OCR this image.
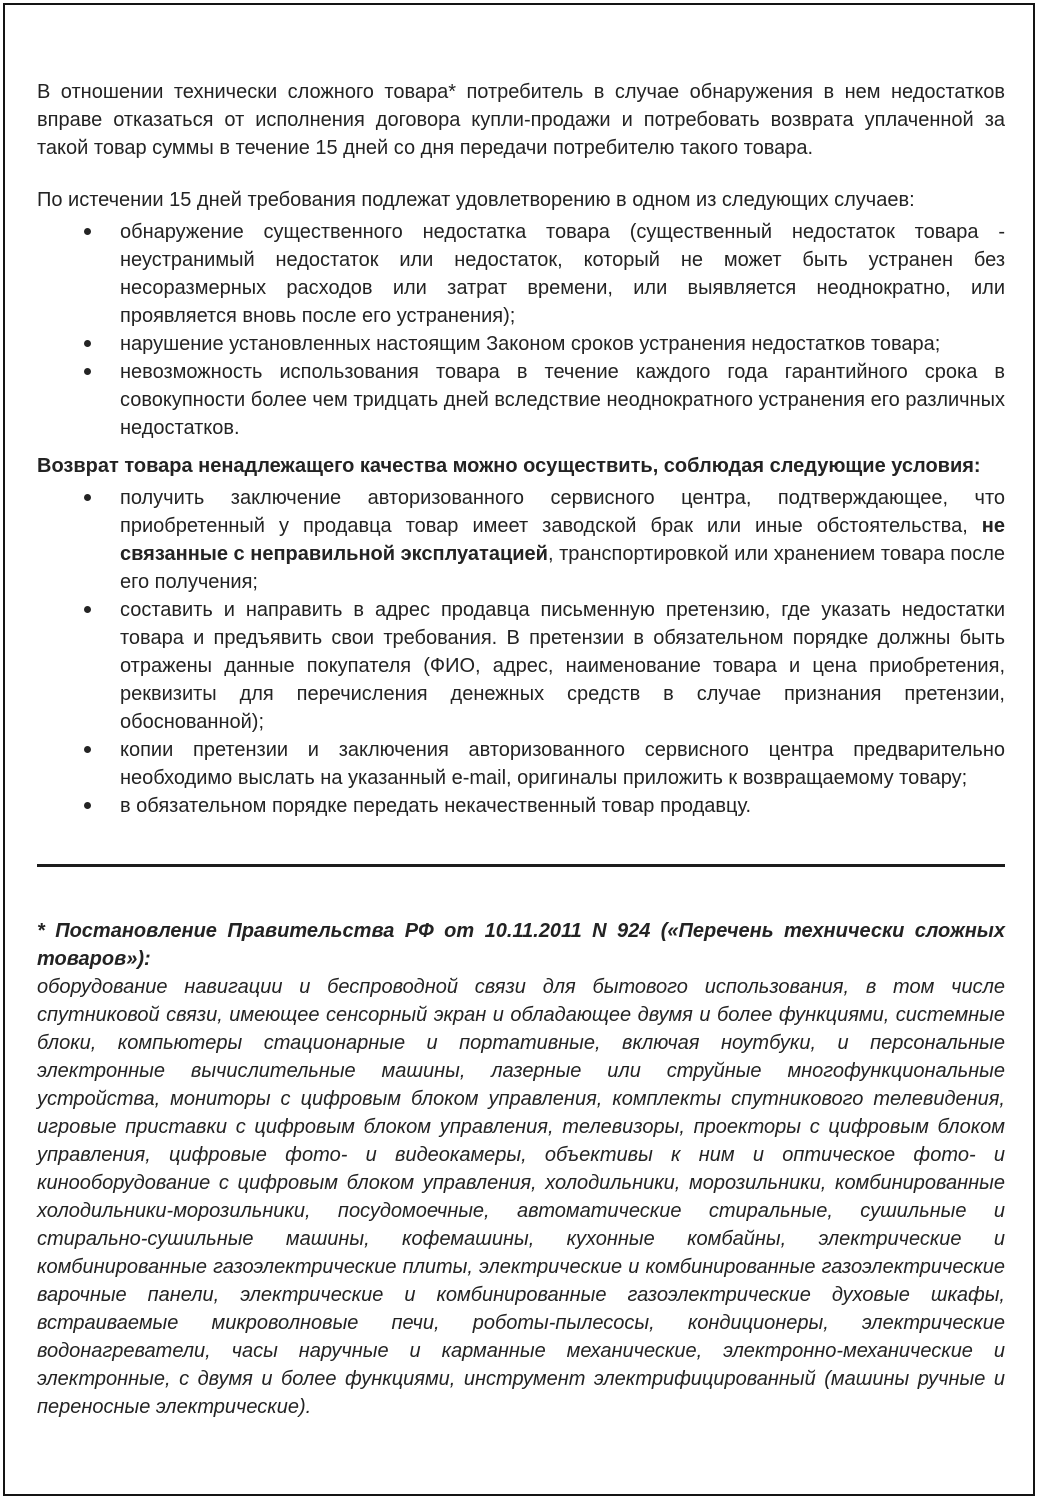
В отношении технически сложного товара* потребитель в случае обнаружения в нем недостатков вправе отказаться от исполнения договора купли-продажи и потребовать возврата уплаченной за такой товар суммы в течение 15 дней со дня передачи потребителю такого товара.

По истечении 15 дней требования подлежат удовлетворению в одном из следующих случаев:

обнаружение существенного недостатка товара (существенный недостаток товара - неустранимый недостаток или недостаток, который не может быть устранен без несоразмерных расходов или затрат времени, или выявляется неоднократно, или проявляется вновь после его устранения);
нарушение установленных настоящим Законом сроков устранения недостатков товара;
невозможность использования товара в течение каждого года гарантийного срока в совокупности более чем тридцать дней вследствие неоднократного устранения его различных недостатков.

Возврат товара ненадлежащего качества можно осуществить, соблюдая следующие условия:

получить заключение авторизованного сервисного центра, подтверждающее, что приобретенный у продавца товар имеет заводской брак или иные обстоятельства, не связанные с неправильной эксплуатацией, транспортировкой или хранением товара после его получения;
составить и направить в адрес продавца письменную претензию, где указать недостатки товара и предъявить свои требования. В претензии в обязательном порядке должны быть отражены данные покупателя (ФИО, адрес, наименование товара и цена приобретения, реквизиты для перечисления денежных средств в случае признания претензии, обоснованной);
копии претензии и заключения авторизованного сервисного центра предварительно необходимо выслать на указанный e-mail, оригиналы приложить к возвращаемому товару;
в обязательном порядке передать некачественный товар продавцу.

* Постановление Правительства РФ от 10.11.2011 N 924 («Перечень технически сложных товаров»):

оборудование навигации и беспроводной связи для бытового использования, в том числе спутниковой связи, имеющее сенсорный экран и обладающее двумя и более функциями, системные блоки, компьютеры стационарные и портативные, включая ноутбуки, и персональные электронные вычислительные машины, лазерные или струйные многофункциональные устройства, мониторы с цифровым блоком управления, комплекты спутникового телевидения, игровые приставки с цифровым блоком управления, телевизоры, проекторы с цифровым блоком управления, цифровые фото- и видеокамеры, объективы к ним и оптическое фото- и кинооборудование с цифровым блоком управления, холодильники, морозильники, комбинированные холодильники-морозильники, посудомоечные, автоматические стиральные, сушильные и стирально-сушильные машины, кофемашины, кухонные комбайны, электрические и комбинированные газоэлектрические плиты, электрические и комбинированные газоэлектрические варочные панели, электрические и комбинированные газоэлектрические духовые шкафы, встраиваемые микроволновые печи, роботы-пылесосы, кондиционеры, электрические водонагреватели, часы наручные и карманные механические, электронно-механические и электронные, с двумя и более функциями, инструмент электрифицированный (машины ручные и переносные электрические).
